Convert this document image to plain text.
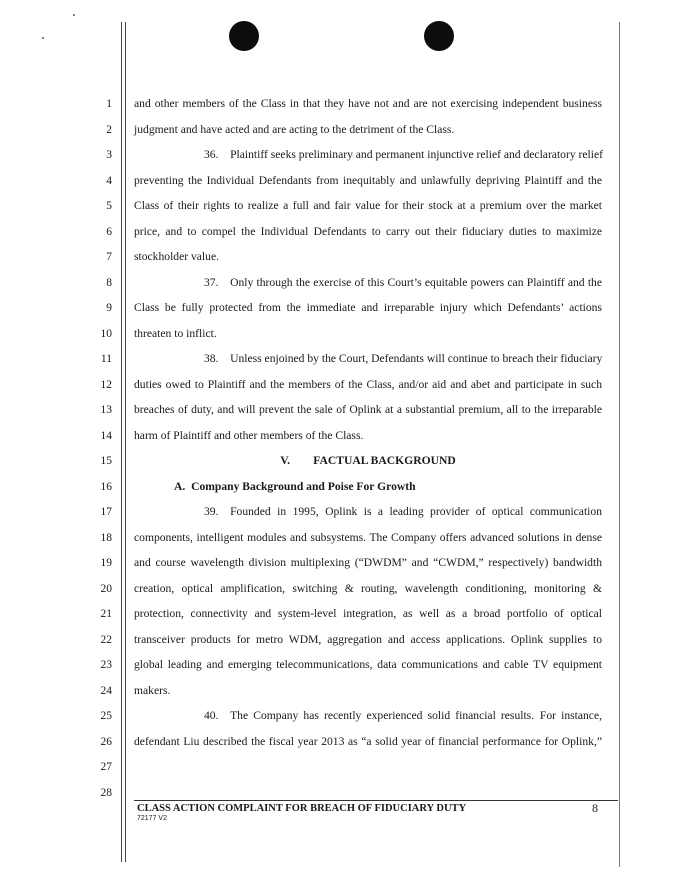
1
2
3
4
5
6
7
8
9
10
11
12
13
14
15
16
17
18
19
20
21
22
23
24
25
26
27
28
and other members of the Class in that they have not and are not exercising independent business
judgment and have acted and are acting to the detriment of the Class.
36. Plaintiff seeks preliminary and permanent injunctive relief and declaratory relief
preventing the Individual Defendants from inequitably and unlawfully depriving Plaintiff and the
Class of their rights to realize a full and fair value for their stock at a premium over the market
price, and to compel the Individual Defendants to carry out their fiduciary duties to maximize
stockholder value.
37. Only through the exercise of this Court’s equitable powers can Plaintiff and the
Class be fully protected from the immediate and irreparable injury which Defendants’ actions
threaten to inflict.
38. Unless enjoined by the Court, Defendants will continue to breach their fiduciary
duties owed to Plaintiff and the members of the Class, and/or aid and abet and participate in such
breaches of duty, and will prevent the sale of Oplink at a substantial premium, all to the irreparable
harm of Plaintiff and other members of the Class.
V.  FACTUAL BACKGROUND
A. Company Background and Poise For Growth
39. Founded in 1995, Oplink is a leading provider of optical communication
components, intelligent modules and subsystems. The Company offers advanced solutions in dense
and course wavelength division multiplexing (“DWDM” and “CWDM,” respectively) bandwidth
creation, optical amplification, switching & routing, wavelength conditioning, monitoring &
protection, connectivity and system-level integration, as well as a broad portfolio of optical
transceiver products for metro WDM, aggregation and access applications. Oplink supplies to
global leading and emerging telecommunications, data communications and cable TV equipment
makers.
40. The Company has recently experienced solid financial results. For instance,
defendant Liu described the fiscal year 2013 as “a solid year of financial performance for Oplink,”
CLASS ACTION COMPLAINT FOR BREACH OF FIDUCIARY DUTY
72177 V2
8
